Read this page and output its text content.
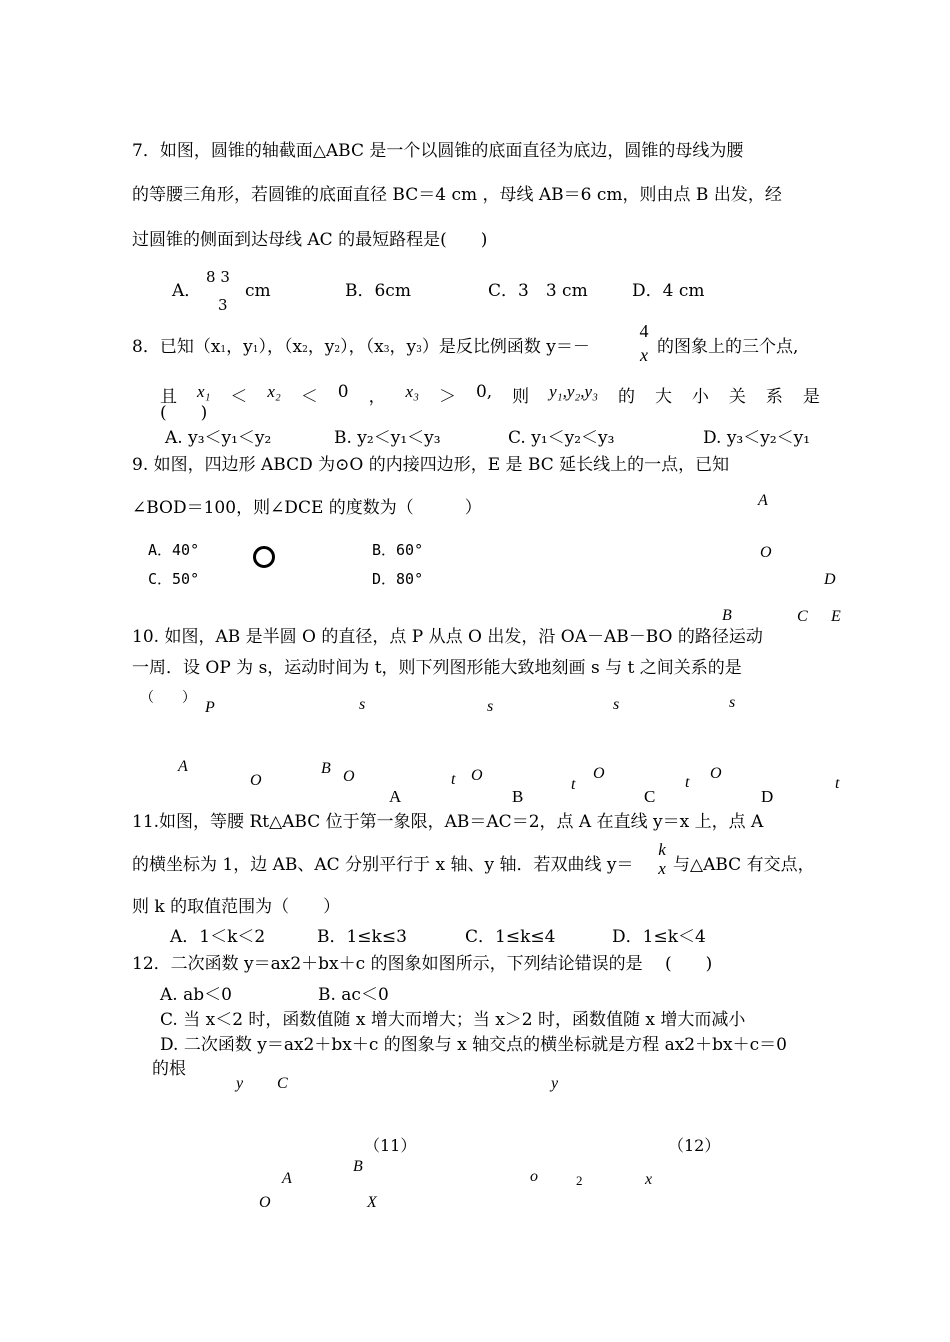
7．如图，圆锥的轴截面△ABC 是一个以圆锥的底面直径为底边，圆锥的母线为腰
的等腰三角形，若圆锥的底面直径 BC＝4 cm ，母线 AB＝6 cm，则由点 B 出发，经
过圆锥的侧面到达母线 AC 的最短路程是(　　)
A．
8 3
3
cm	B．6cm	C．3　3 cm	D．4 cm
8．已知（x1，y1），（x2，y2），（x3，y3）是反比例函数 y＝－
4
x 的图象上的三个点,
且 x₁ ＜ x₂ ＜ 0 ， x₃ ＞ 0, 则 y₁,y₂,y₃ 的 大 小 关 系 是
(　　)
A. y₃＜y₁＜y₂	B. y₂＜y₁＜y₃	C. y₁＜y₂＜y₃	D. y₃＜y₂＜y₁
9. 如图，四边形 ABCD 为⊙O 的内接四边形，E 是 BC 延长线上的一点，已知
∠BOD＝100，则∠DCE 的度数为（　　　）
A．40°	B．60°
C．50°	D．80°
A
O
D
B	C E
10. 如图，AB 是半圆 O 的直径，点 P 从点 O 出发，沿 OA－AB－BO 的路径运动
一周．设 OP 为 s，运动时间为 t，则下列图形能大致地刻画 s 与 t 之间关系的是
（　　）
P	s	s	s	s
A	B
O	O	t O
t
O
t
O
t
A	B	C	D
11.如图，等腰 Rt△ABC 位于第一象限，AB＝AC＝2，点 A 在直线 y＝x 上，点 A
的横坐标为 1，边 AB、AC 分别平行于 x 轴、y 轴．若双曲线 y＝
k
x 与△ABC 有交点，
则 k 的取值范围为（　　）
A．1＜k＜2	B．1≤k≤3	C．1≤k≤4	D．1≤k＜4
12．二次函数 y＝ax2＋bx＋c 的图象如图所示，下列结论错误的是　 (　　)
A. ab＜0	B. ac＜0
C. 当 x＜2 时，函数值随 x 增大而增大；当 x＞2 时，函数值随 x 增大而减小
D. 二次函数 y＝ax2＋bx＋c 的图象与 x 轴交点的横坐标就是方程 ax2＋bx＋c＝0
的根
y C	y
（11）	（12）
B
A	o	2	x
O	X
